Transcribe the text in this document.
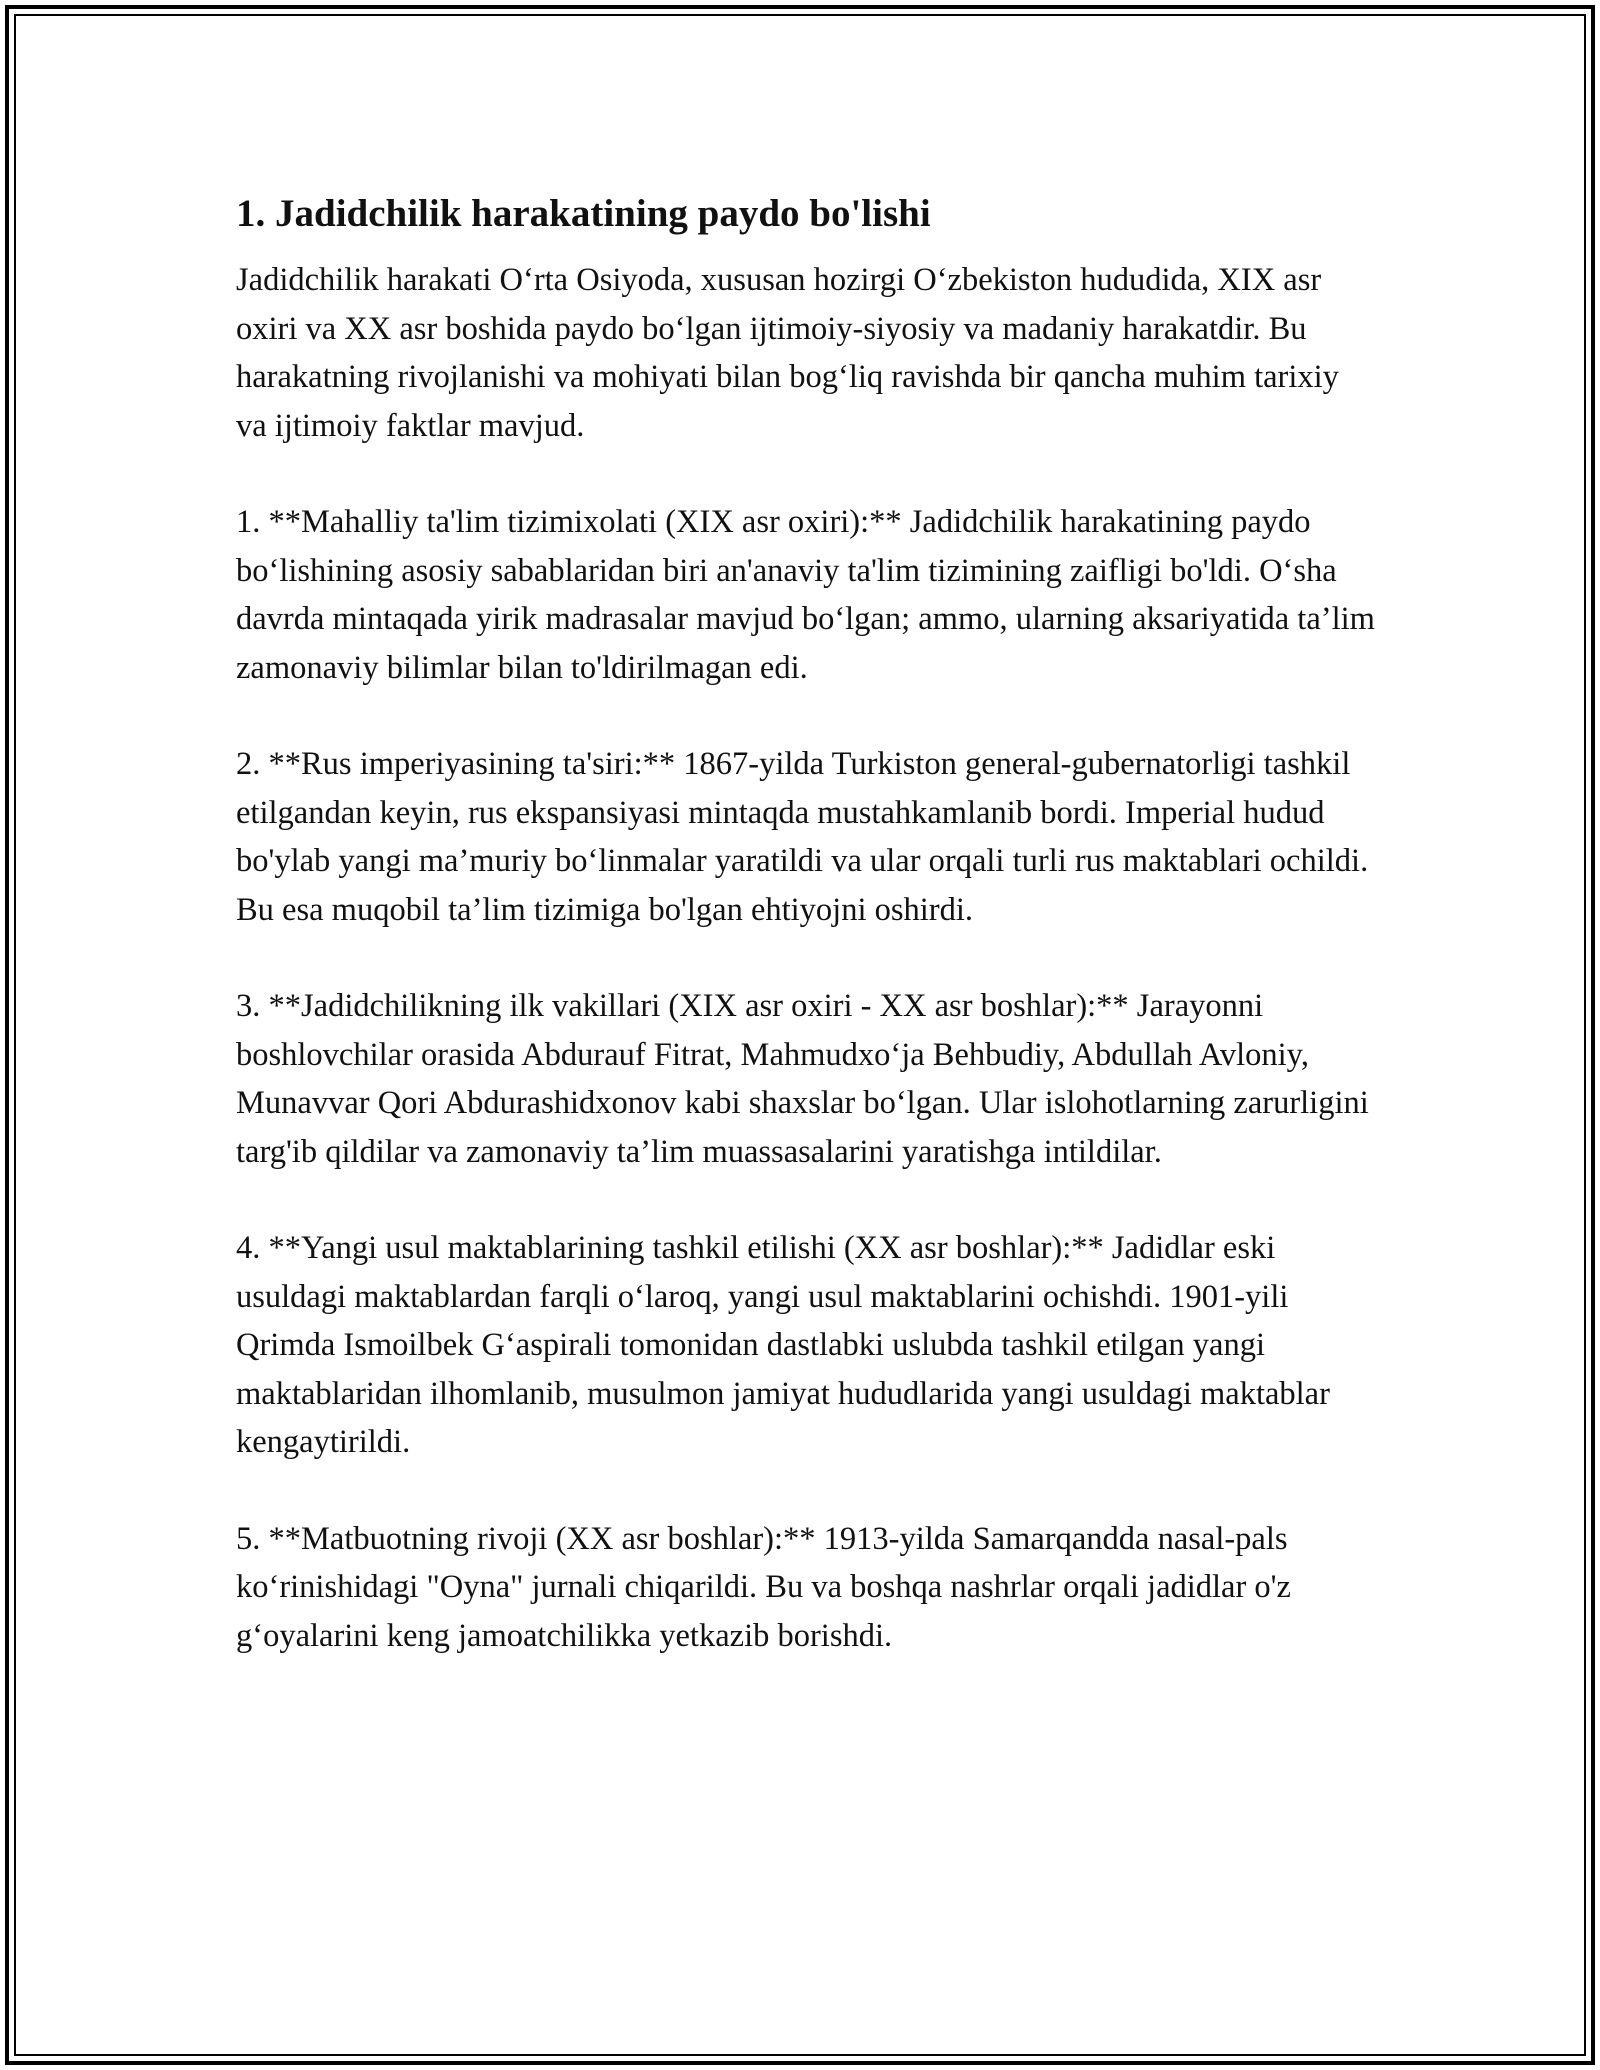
1. Jadidchilik harakatining paydo bo'lishi

Jadidchilik harakati O‘rta Osiyoda, xususan hozirgi O‘zbekiston hududida, XIX asr oxiri va XX asr boshida paydo bo‘lgan ijtimoiy-siyosiy va madaniy harakatdir. Bu harakatning rivojlanishi va mohiyati bilan bog‘liq ravishda bir qancha muhim tarixiy va ijtimoiy faktlar mavjud.

1. **Mahalliy ta'lim tizimixolati (XIX asr oxiri):** Jadidchilik harakatining paydo bo‘lishining asosiy sabablaridan biri an'anaviy ta'lim tizimining zaifligi bo'ldi. O‘sha davrda mintaqada yirik madrasalar mavjud bo‘lgan; ammo, ularning aksariyatida ta’lim zamonaviy bilimlar bilan to'ldirilmagan edi.

2. **Rus imperiyasining ta'siri:** 1867-yilda Turkiston general-gubernatorligi tashkil etilgandan keyin, rus ekspansiyasi mintaqda mustahkamlanib bordi. Imperial hudud bo'ylab yangi ma’muriy bo‘linmalar yaratildi va ular orqali turli rus maktablari ochildi. Bu esa muqobil ta’lim tizimiga bo'lgan ehtiyojni oshirdi.

3. **Jadidchilikning ilk vakillari (XIX asr oxiri - XX asr boshlar):** Jarayonni boshlovchilar orasida Abdurauf Fitrat, Mahmudxo‘ja Behbudiy, Abdullah Avloniy, Munavvar Qori Abdurashidxonov kabi shaxslar bo‘lgan. Ular islohotlarning zarurligini targ'ib qildilar va zamonaviy ta’lim muassasalarini yaratishga intildilar.

4. **Yangi usul maktablarining tashkil etilishi (XX asr boshlar):** Jadidlar eski usuldagi maktablardan farqli o‘laroq, yangi usul maktablarini ochishdi. 1901-yili Qrimda Ismoilbek G‘aspirali tomonidan dastlabki uslubda tashkil etilgan yangi maktablaridan ilhomlanib, musulmon jamiyat hududlarida yangi usuldagi maktablar kengaytirildi.

5. **Matbuotning rivoji (XX asr boshlar):** 1913-yilda Samarqandda nasal-pals ko‘rinishidagi "Oyna" jurnali chiqarildi. Bu va boshqa nashrlar orqali jadidlar o'z g‘oyalarini keng jamoatchilikka yetkazib borishdi.
